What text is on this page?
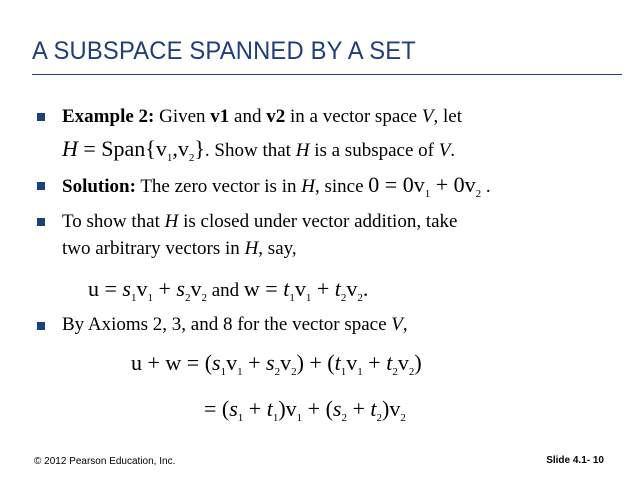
A SUBSPACE SPANNED BY A SET
Example 2: Given v1 and v2 in a vector space V, let
$H = Span\{v_1,v_2\}$. Show that H is a subspace of V.
Solution: The zero vector is in H, since $0 = 0v_1 + 0v_2$ .
To show that H is closed under vector addition, take
two arbitrary vectors in H, say,
$u = s_1v_1 + s_2v_2$ and $w = t_1v_1 + t_2v_2$.
By Axioms 2, 3, and 8 for the vector space V,
$u + w = (s_1v_1 + s_2v_2) + (t_1v_1 + t_2v_2)$
= $(s_1 + t_1)v_1 + (s_2 + t_2)v_2$
© 2012 Pearson Education, Inc.	Slide 4.1- 10
